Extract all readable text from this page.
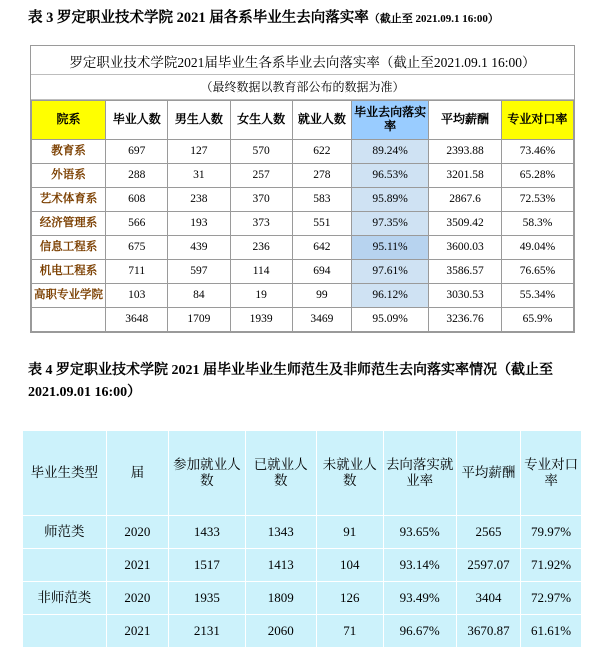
表 3 罗定职业技术学院 2021 届各系毕业生去向落实率（截止至 2021.09.1 16:00）
罗定职业技术学院2021届毕业生各系毕业去向落实率（截止至2021.09.1 16:00）
（最终数据以教育部公布的数据为准）
院系	毕业人数	男生人数	女生人数	就业人数	毕业去向落实率	平均薪酬	专业对口率
教育系	697	127	570	622	89.24%	2393.88	73.46%
外语系	288	31	257	278	96.53%	3201.58	65.28%
艺术体育系	608	238	370	583	95.89%	2867.6	72.53%
经济管理系	566	193	373	551	97.35%	3509.42	58.3%
信息工程系	675	439	236	642	95.11%	3600.03	49.04%
机电工程系	711	597	114	694	97.61%	3586.57	76.65%
高职专业学院	103	84	19	99	96.12%	3030.53	55.34%
	3648	1709	1939	3469	95.09%	3236.76	65.9%
表 4 罗定职业技术学院 2021 届毕业毕业生师范生及非师范生去向落实率情况（截止至 2021.09.01 16:00）
毕业生类型	届	参加就业人数	已就业人数	未就业人数	去向落实就业率	平均薪酬	专业对口率
师范类	2020	1433	1343	91	93.65%	2565	79.97%
	2021	1517	1413	104	93.14%	2597.07	71.92%
非师范类	2020	1935	1809	126	93.49%	3404	72.97%
	2021	2131	2060	71	96.67%	3670.87	61.61%
